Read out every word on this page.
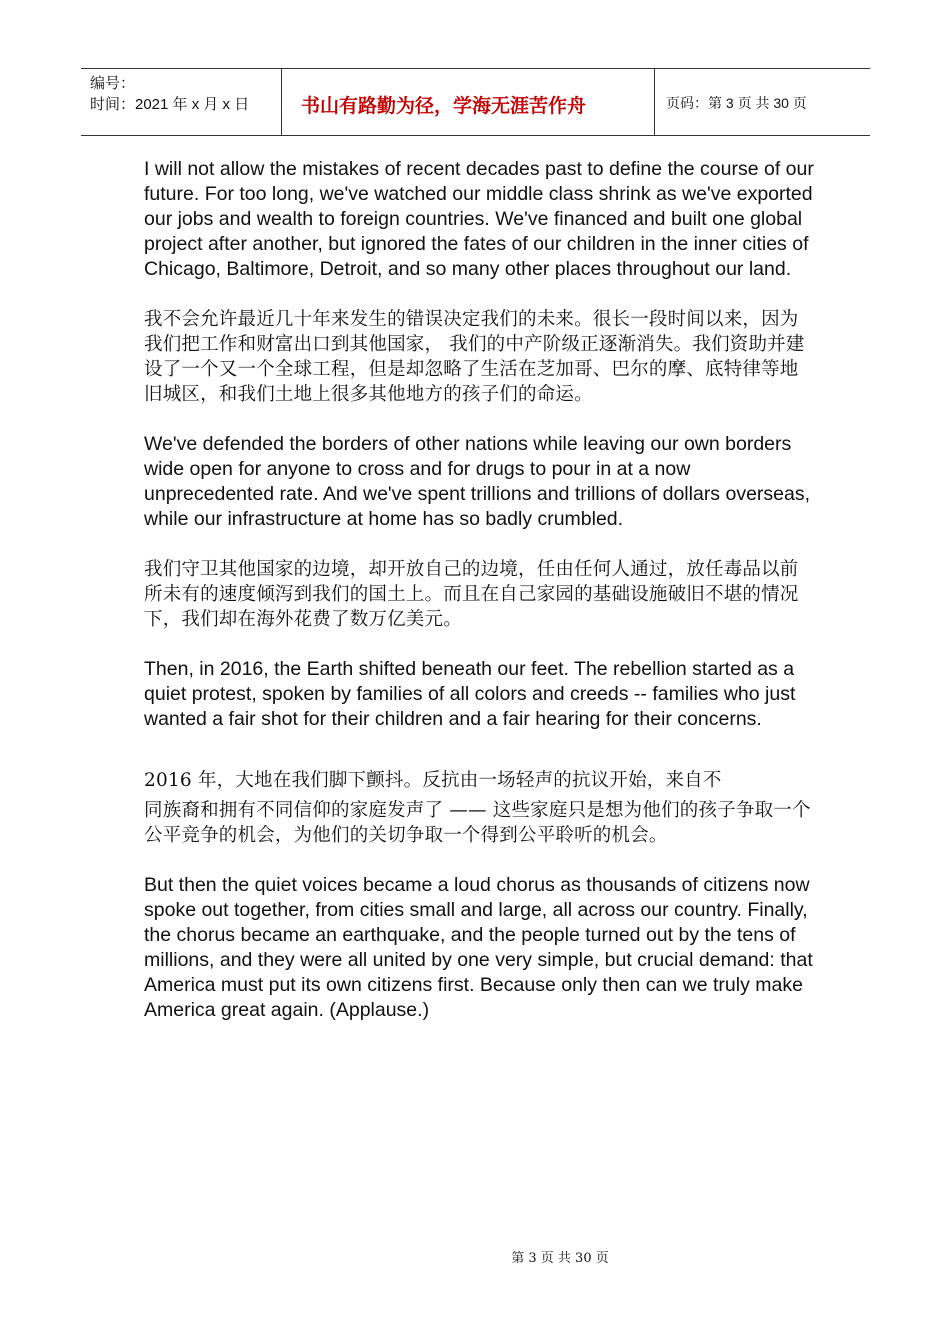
编号：
时间：2021 年 x 月 x 日	书山有路勤为径，学海无涯苦作舟	页码：第 3 页 共 30 页

I will not allow the mistakes of recent decades past to define the course of our future. For too long, we've watched our middle class shrink as we've exported our jobs and wealth to foreign countries. We've financed and built one global project after another, but ignored the fates of our children in the inner cities of Chicago, Baltimore, Detroit, and so many other places throughout our land.

我不会允许最近几十年来发生的错误决定我们的未来。很长一段时间以来，因为我们把工作和财富出口到其他国家， 我们的中产阶级正逐渐消失。我们资助并建设了一个又一个全球工程，但是却忽略了生活在芝加哥、巴尔的摩、底特律等地旧城区，和我们土地上很多其他地方的孩子们的命运。

We've defended the borders of other nations while leaving our own borders wide open for anyone to cross and for drugs to pour in at a now unprecedented rate. And we've spent trillions and trillions of dollars overseas, while our infrastructure at home has so badly crumbled.

我们守卫其他国家的边境，却开放自己的边境，任由任何人通过，放任毒品以前所未有的速度倾泻到我们的国土上。而且在自己家园的基础设施破旧不堪的情况下，我们却在海外花费了数万亿美元。

Then, in 2016, the Earth shifted beneath our feet. The rebellion started as a quiet protest, spoken by families of all colors and creeds -- families who just wanted a fair shot for their children and a fair hearing for their concerns.

2016 年，大地在我们脚下颤抖。反抗由一场轻声的抗议开始，来自不

同族裔和拥有不同信仰的家庭发声了 —— 这些家庭只是想为他们的孩子争取一个公平竞争的机会，为他们的关切争取一个得到公平聆听的机会。

But then the quiet voices became a loud chorus as thousands of citizens now spoke out together, from cities small and large, all across our country. Finally, the chorus became an earthquake, and the people turned out by the tens of millions, and they were all united by one very simple, but crucial demand: that America must put its own citizens first. Because only then can we truly make America great again. (Applause.)

第 3 页 共 30 页
